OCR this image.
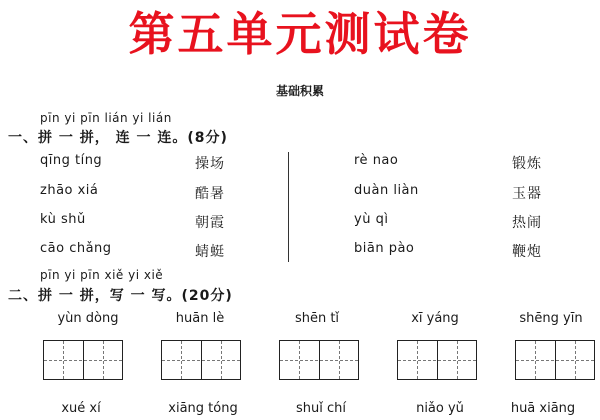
第五单元测试卷
基础积累
pīn yi pīn lián yi lián
一、拼 一 拼， 连 一 连。(8分)
qīng tíng	操场
zhāo xiá	酷暑
kù shǔ	朝霞
cāo chǎng	蜻蜓
rè nao	锻炼
duàn liàn	玉器
yù qì	热闹
biān pào	鞭炮
pīn yi pīn xiě yi xiě
二、拼 一 拼，写 一 写。(20分)
yùn dòng	huān lè	shēn tǐ	xī yáng	shēng yīn
xué xí	xiāng tóng	shuǐ chí	niǎo yǔ	huā xiāng
